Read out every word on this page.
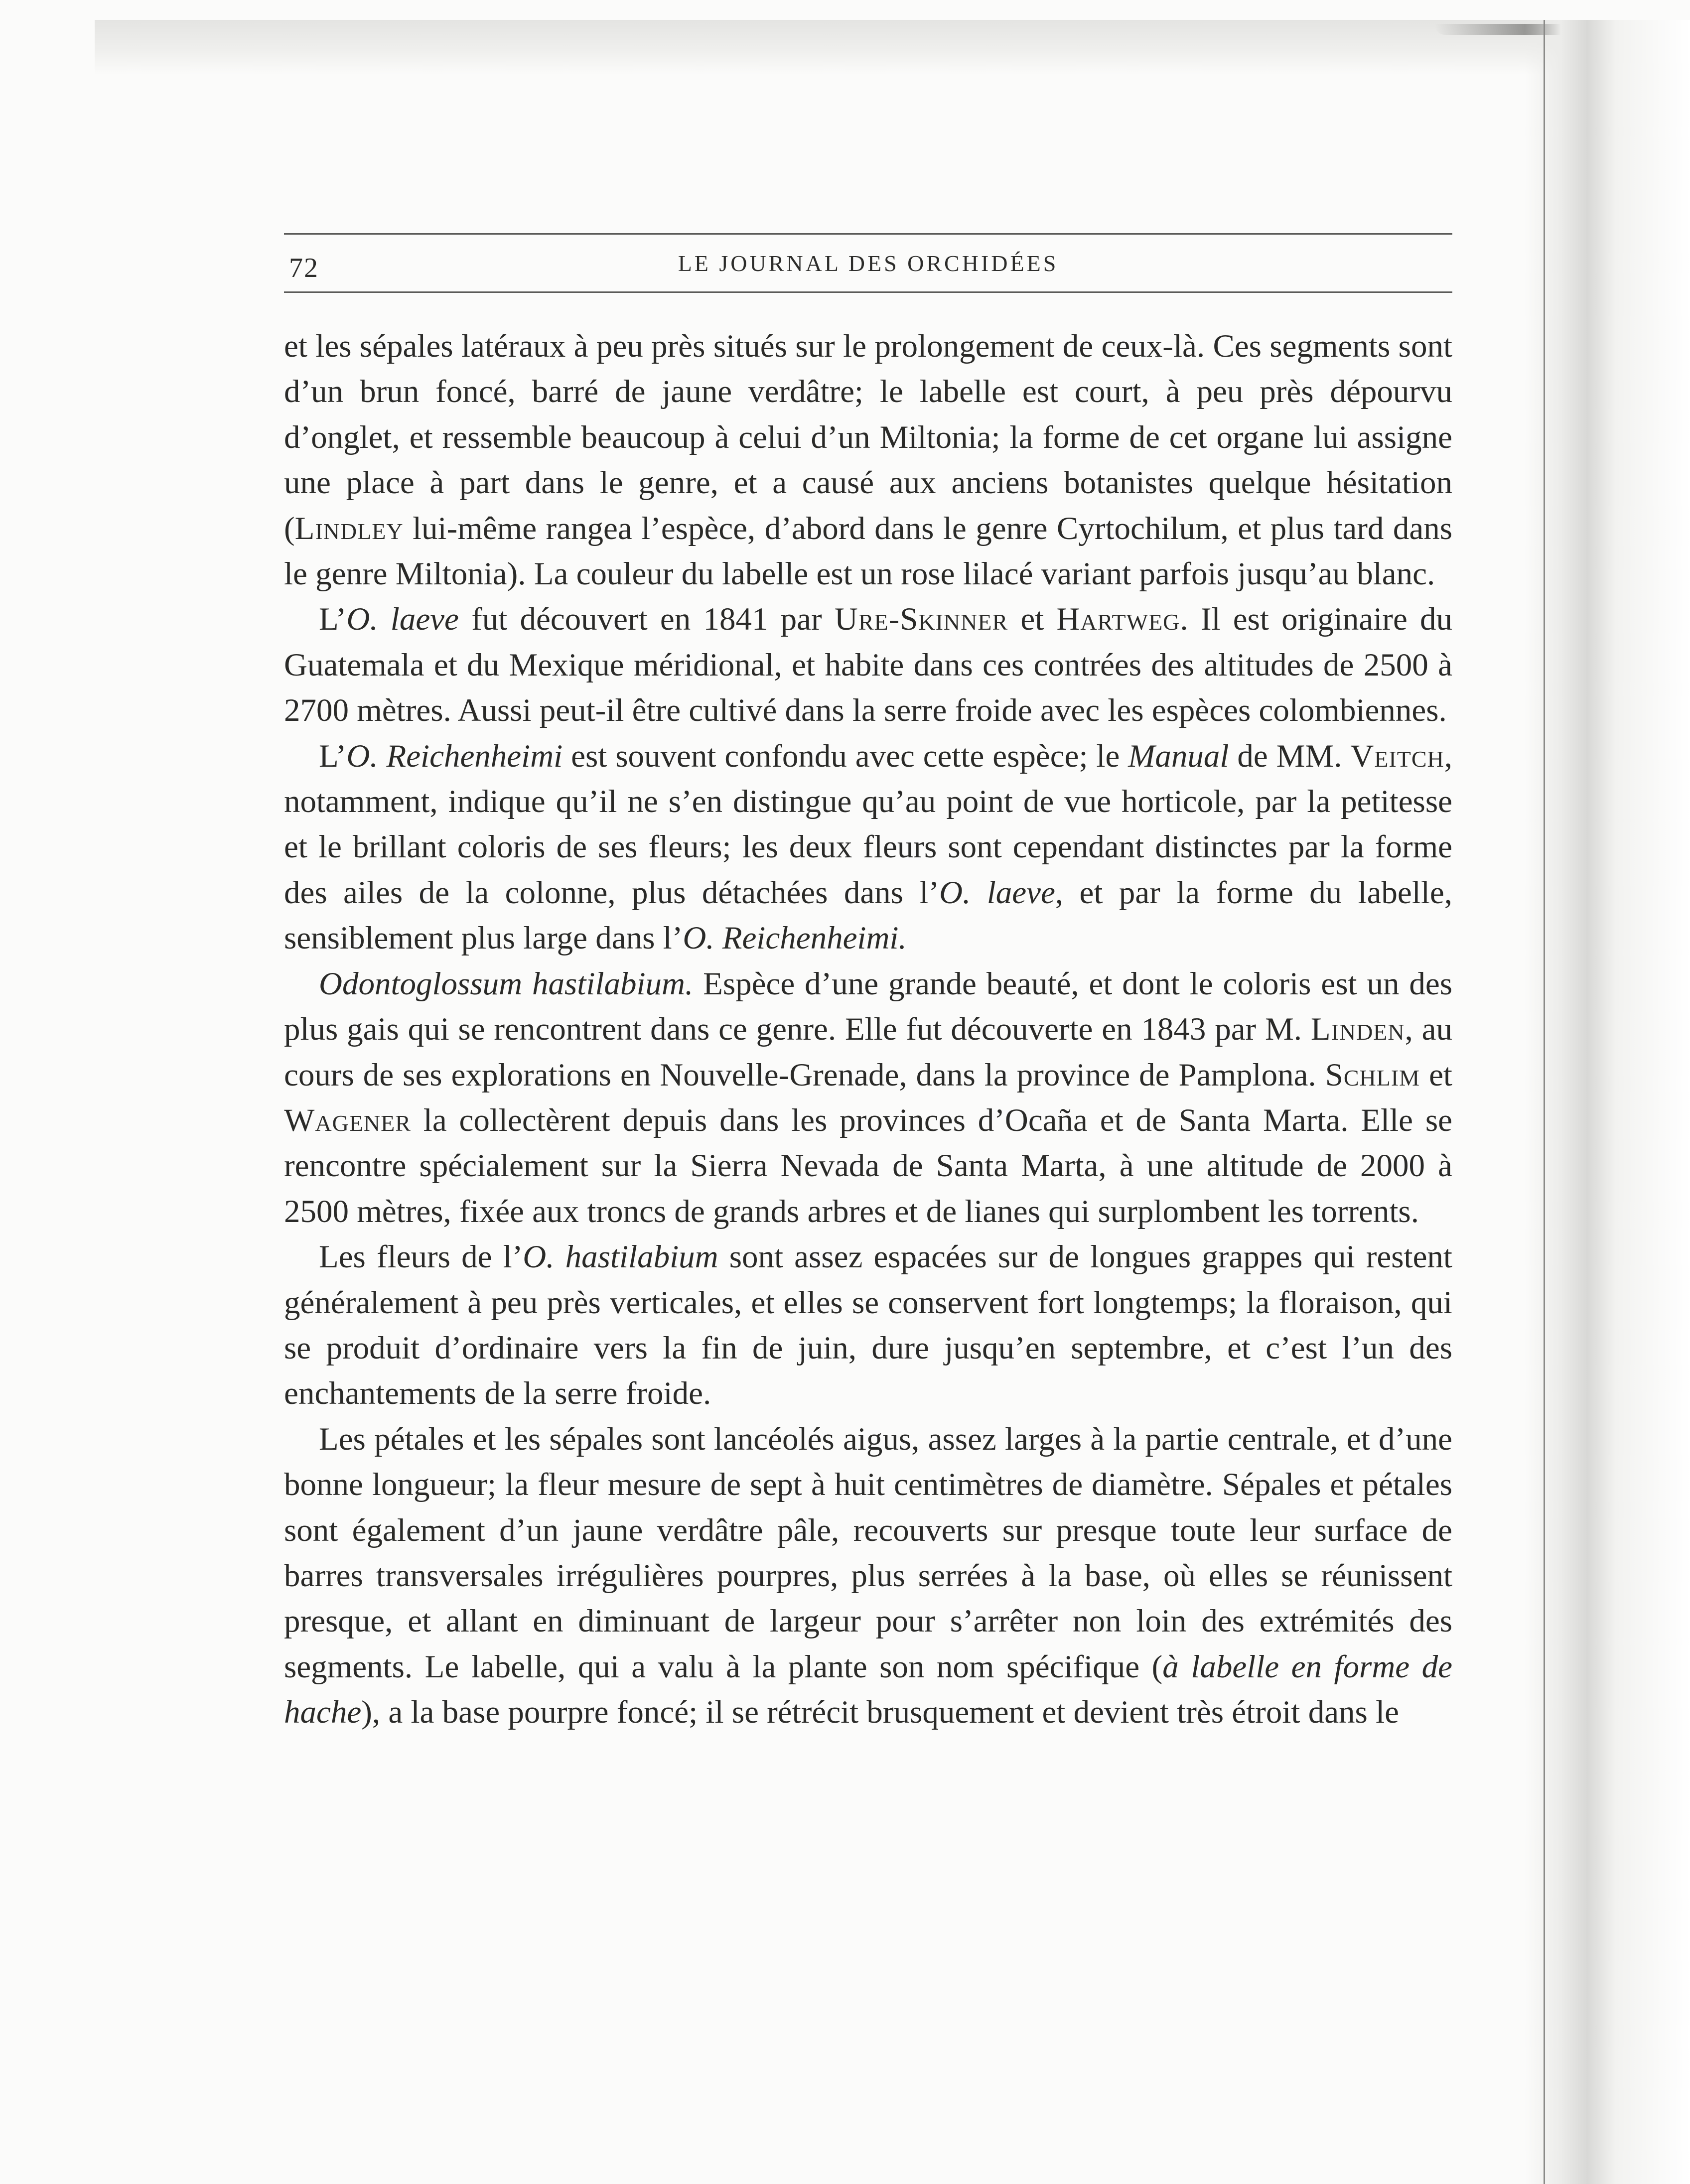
72	LE JOURNAL DES ORCHIDÉES

et les sépales latéraux à peu près situés sur le prolongement de ceux-là. Ces segments sont d’un brun foncé, barré de jaune verdâtre; le labelle est court, à peu près dépourvu d’onglet, et ressemble beaucoup à celui d’un Miltonia; la forme de cet organe lui assigne une place à part dans le genre, et a causé aux anciens botanistes quelque hésitation (Lindley lui-même rangea l’espèce, d’abord dans le genre Cyrtochilum, et plus tard dans le genre Miltonia). La couleur du labelle est un rose lilacé variant parfois jusqu’au blanc.

L’O. laeve fut découvert en 1841 par Ure-Skinner et Hartweg. Il est originaire du Guatemala et du Mexique méridional, et habite dans ces contrées des altitudes de 2500 à 2700 mètres. Aussi peut-il être cultivé dans la serre froide avec les espèces colombiennes.

L’O. Reichenheimi est souvent confondu avec cette espèce; le Manual de MM. Veitch, notamment, indique qu’il ne s’en distingue qu’au point de vue horticole, par la petitesse et le brillant coloris de ses fleurs; les deux fleurs sont cependant distinctes par la forme des ailes de la colonne, plus détachées dans l’O. laeve, et par la forme du labelle, sensiblement plus large dans l’O. Reichenheimi.

Odontoglossum hastilabium. Espèce d’une grande beauté, et dont le coloris est un des plus gais qui se rencontrent dans ce genre. Elle fut découverte en 1843 par M. Linden, au cours de ses explorations en Nouvelle-Grenade, dans la province de Pamplona. Schlim et Wagener la collectèrent depuis dans les provinces d’Ocaña et de Santa Marta. Elle se rencontre spécialement sur la Sierra Nevada de Santa Marta, à une altitude de 2000 à 2500 mètres, fixée aux troncs de grands arbres et de lianes qui surplombent les torrents.

Les fleurs de l’O. hastilabium sont assez espacées sur de longues grappes qui restent généralement à peu près verticales, et elles se conservent fort longtemps; la floraison, qui se produit d’ordinaire vers la fin de juin, dure jusqu’en septembre, et c’est l’un des enchantements de la serre froide.

Les pétales et les sépales sont lancéolés aigus, assez larges à la partie centrale, et d’une bonne longueur; la fleur mesure de sept à huit centimètres de diamètre. Sépales et pétales sont également d’un jaune verdâtre pâle, recouverts sur presque toute leur surface de barres transversales irrégulières pourpres, plus serrées à la base, où elles se réunissent presque, et allant en diminuant de largeur pour s’arrêter non loin des extrémités des segments. Le labelle, qui a valu à la plante son nom spécifique (à labelle en forme de hache), a la base pourpre foncé; il se rétrécit brusquement et devient très étroit dans le
